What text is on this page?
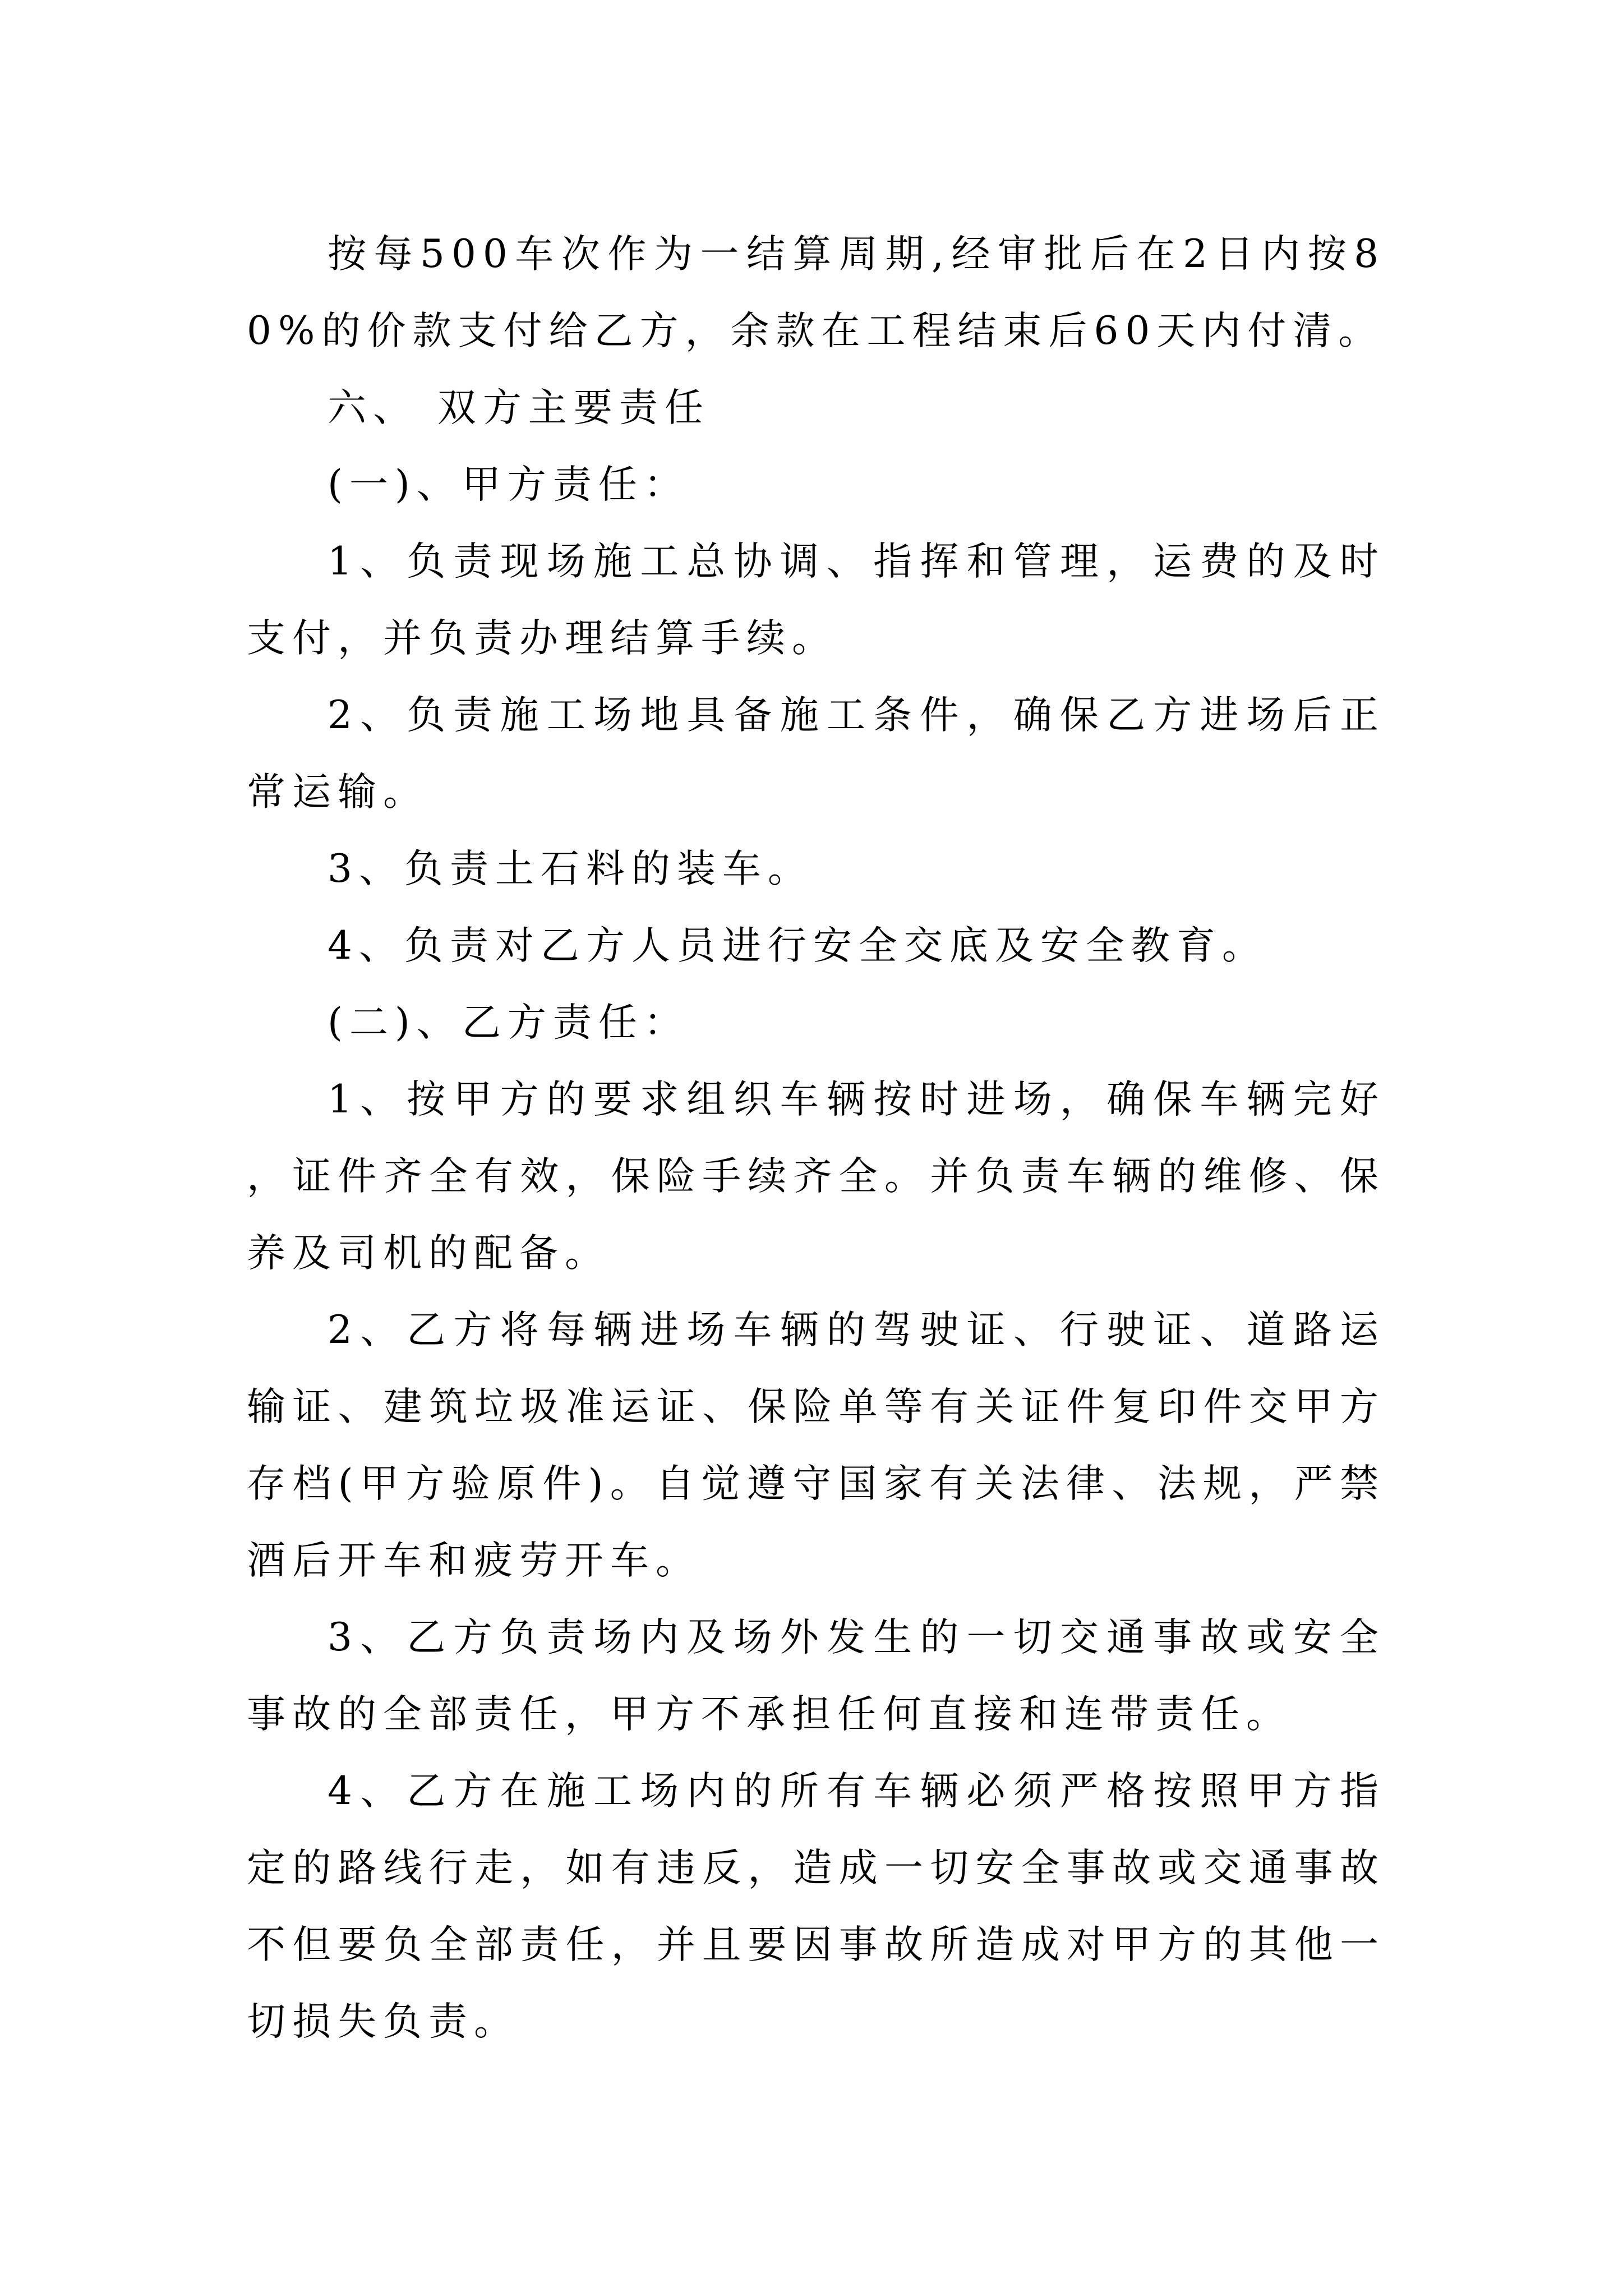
按每500车次作为一结算周期,经审批后在2日内按80%的价款支付给乙方，余款在工程结束后60天内付清。

六、 双方主要责任

(一)、甲方责任：

1、负责现场施工总协调、指挥和管理，运费的及时支付，并负责办理结算手续。

2、负责施工场地具备施工条件，确保乙方进场后正常运输。

3、负责土石料的装车。

4、负责对乙方人员进行安全交底及安全教育。

(二)、乙方责任：

1、按甲方的要求组织车辆按时进场，确保车辆完好，证件齐全有效，保险手续齐全。并负责车辆的维修、保养及司机的配备。

2、乙方将每辆进场车辆的驾驶证、行驶证、道路运输证、建筑垃圾准运证、保险单等有关证件复印件交甲方存档(甲方验原件)。自觉遵守国家有关法律、法规，严禁酒后开车和疲劳开车。

3、乙方负责场内及场外发生的一切交通事故或安全事故的全部责任，甲方不承担任何直接和连带责任。

4、乙方在施工场内的所有车辆必须严格按照甲方指定的路线行走，如有违反，造成一切安全事故或交通事故不但要负全部责任，并且要因事故所造成对甲方的其他一切损失负责。
